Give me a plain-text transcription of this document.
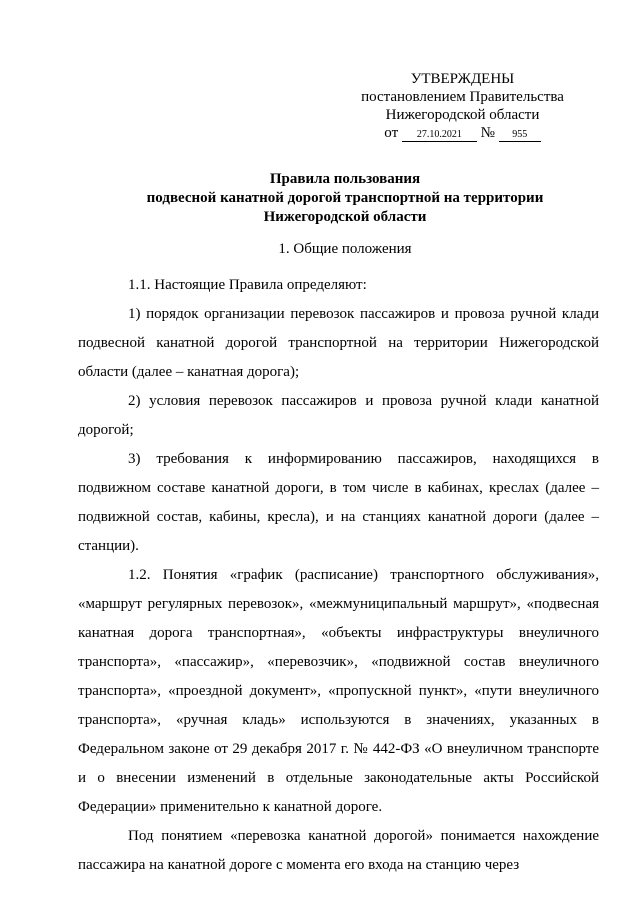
УТВЕРЖДЕНЫ
постановлением Правительства
Нижегородской области
от 27.10.2021 № 955
Правила пользования
подвесной канатной дорогой транспортной на территории
Нижегородской области
1. Общие положения

1.1. Настоящие Правила определяют:

1) порядок организации перевозок пассажиров и провоза ручной клади подвесной канатной дорогой транспортной на территории Нижегородской области (далее – канатная дорога);

2) условия перевозок пассажиров и провоза ручной клади канатной дорогой;

3) требования к информированию пассажиров, находящихся в подвижном составе канатной дороги, в том числе в кабинах, креслах (далее – подвижной состав, кабины, кресла), и на станциях канатной дороги (далее – станции).

1.2. Понятия «график (расписание) транспортного обслуживания», «маршрут регулярных перевозок», «межмуниципальный маршрут», «подвесная канатная дорога транспортная», «объекты инфраструктуры внеуличного транспорта», «пассажир», «перевозчик», «подвижной состав внеуличного транспорта», «проездной документ», «пропускной пункт», «пути внеуличного транспорта», «ручная кладь» используются в значениях, указанных в Федеральном законе от 29 декабря 2017 г. № 442-ФЗ «О внеуличном транспорте и о внесении изменений в отдельные законодательные акты Российской Федерации» применительно к канатной дороге.

Под понятием «перевозка канатной дорогой» понимается нахождение пассажира на канатной дороге с момента его входа на станцию через
